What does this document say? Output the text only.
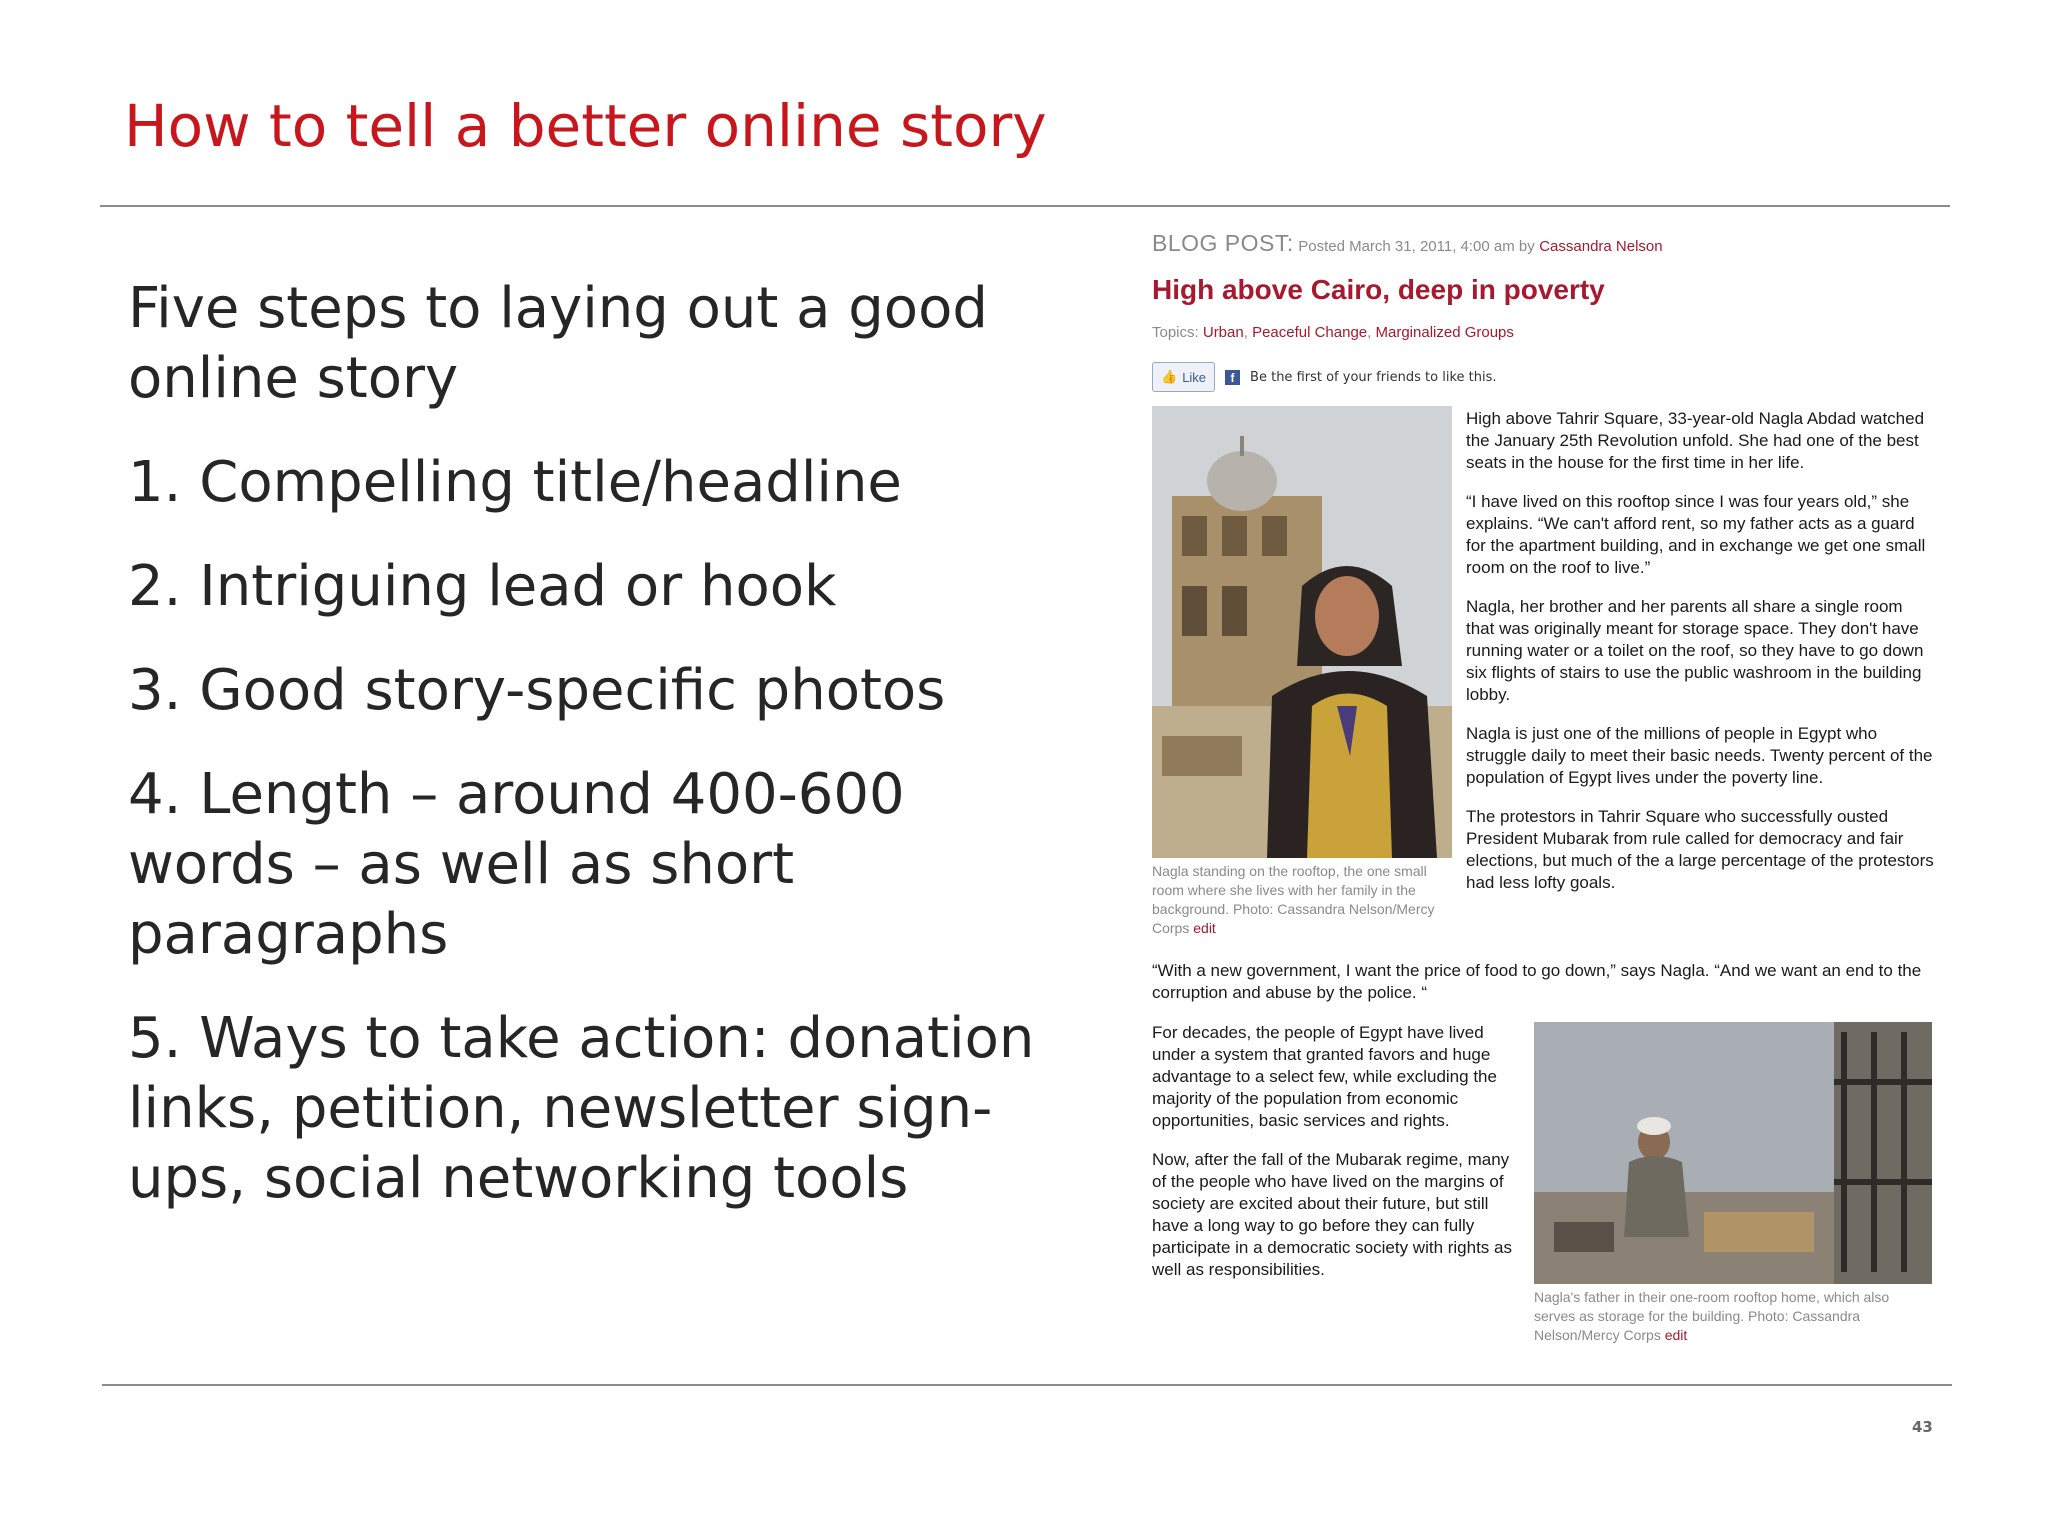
How to tell a better online story

Five steps to laying out a good online story

1. Compelling title/headline

2. Intriguing lead or hook

3. Good story-specific photos

4. Length – around 400-600 words – as well as short paragraphs

5. Ways to take action: donation links, petition, newsletter sign-ups, social networking tools

BLOG POST: Posted March 31, 2011, 4:00 am by Cassandra Nelson
High above Cairo, deep in poverty
Topics: Urban, Peaceful Change, Marginalized Groups
👍 Like	f	Be the first of your friends to like this.
Nagla standing on the rooftop, the one small room where she lives with her family in the background. Photo: Cassandra Nelson/Mercy Corps edit

High above Tahrir Square, 33-year-old Nagla Abdad watched the January 25th Revolution unfold. She had one of the best seats in the house for the first time in her life.

“I have lived on this rooftop since I was four years old,” she explains. “We can't afford rent, so my father acts as a guard for the apartment building, and in exchange we get one small room on the roof to live.”

Nagla, her brother and her parents all share a single room that was originally meant for storage space. They don't have running water or a toilet on the roof, so they have to go down six flights of stairs to use the public washroom in the building lobby.

Nagla is just one of the millions of people in Egypt who struggle daily to meet their basic needs. Twenty percent of the population of Egypt lives under the poverty line.

The protestors in Tahrir Square who successfully ousted President Mubarak from rule called for democracy and fair elections, but much of the a large percentage of the protestors had less lofty goals.

“With a new government, I want the price of food to go down,” says Nagla. “And we want an end to the corruption and abuse by the police. “

For decades, the people of Egypt have lived under a system that granted favors and huge advantage to a select few, while excluding the majority of the population from economic opportunities, basic services and rights.

Now, after the fall of the Mubarak regime, many of the people who have lived on the margins of society are excited about their future, but still have a long way to go before they can fully participate in a democratic society with rights as well as responsibilities.

Nagla's father in their one-room rooftop home, which also serves as storage for the building. Photo: Cassandra Nelson/Mercy Corps edit
43
